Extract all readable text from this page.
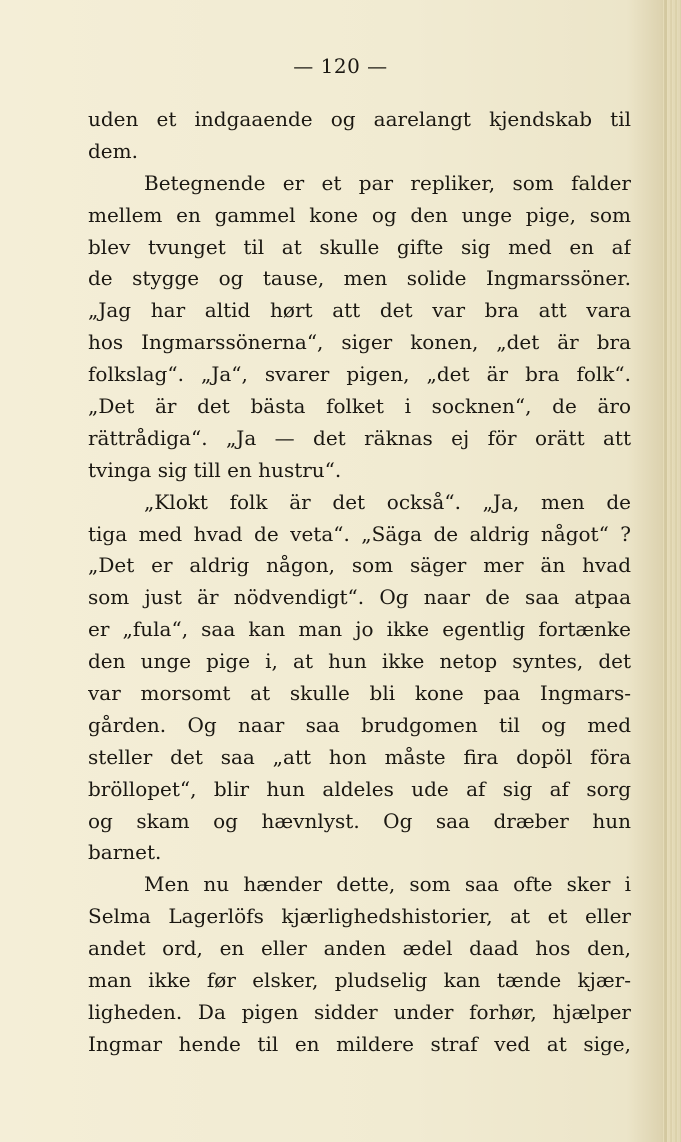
— 120 —
uden et indgaaende og aarelangt kjendskab til
dem.
Betegnende er et par repliker, som falder
mellem en gammel kone og den unge pige, som
blev tvunget til at skulle gifte sig med en af
de stygge og tause, men solide Ingmarssöner.
„Jag har altid hørt att det var bra att vara
hos Ingmarssönerna“, siger konen, „det är bra
folkslag“. „Ja“, svarer pigen, „det är bra folk“.
„Det är det bästa folket i socknen“, de äro
rättrådiga“. „Ja — det räknas ej för orätt att
tvinga sig till en hustru“.
„Klokt folk är det också“. „Ja, men de
tiga med hvad de veta“. „Säga de aldrig något“ ?
„Det er aldrig någon, som säger mer än hvad
som just är nödvendigt“. Og naar de saa atpaa
er „fula“, saa kan man jo ikke egentlig fortænke
den unge pige i, at hun ikke netop syntes, det
var morsomt at skulle bli kone paa Ingmars-
gården. Og naar saa brudgomen til og med
steller det saa „att hon måste fira dopöl föra
bröllopet“, blir hun aldeles ude af sig af sorg
og skam og hævnlyst. Og saa dræber hun
barnet.
Men nu hænder dette, som saa ofte sker i
Selma Lagerlöfs kjærlighedshistorier, at et eller
andet ord, en eller anden ædel daad hos den,
man ikke før elsker, pludselig kan tænde kjær-
ligheden. Da pigen sidder under forhør, hjælper
Ingmar hende til en mildere straf ved at sige,
